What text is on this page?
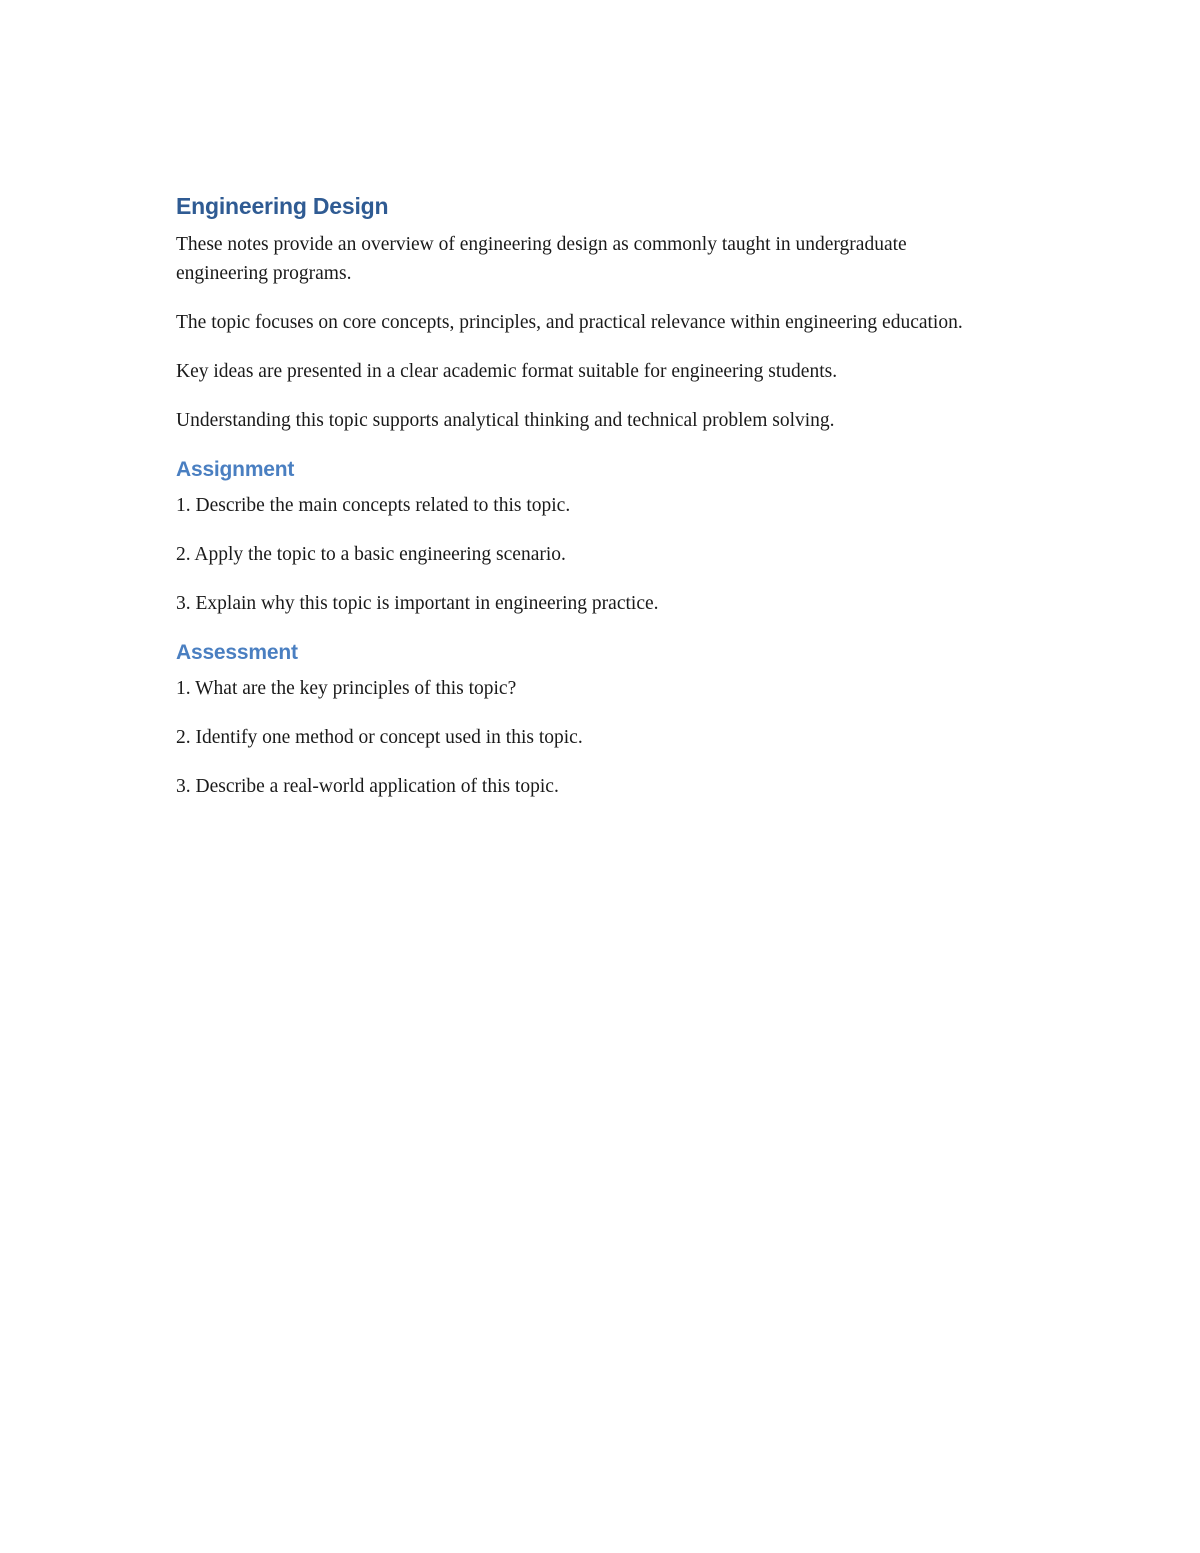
Engineering Design

These notes provide an overview of engineering design as commonly taught in undergraduate engineering programs.

The topic focuses on core concepts, principles, and practical relevance within engineering education.

Key ideas are presented in a clear academic format suitable for engineering students.

Understanding this topic supports analytical thinking and technical problem solving.

Assignment

1. Describe the main concepts related to this topic.

2. Apply the topic to a basic engineering scenario.

3. Explain why this topic is important in engineering practice.

Assessment

1. What are the key principles of this topic?

2. Identify one method or concept used in this topic.

3. Describe a real-world application of this topic.
